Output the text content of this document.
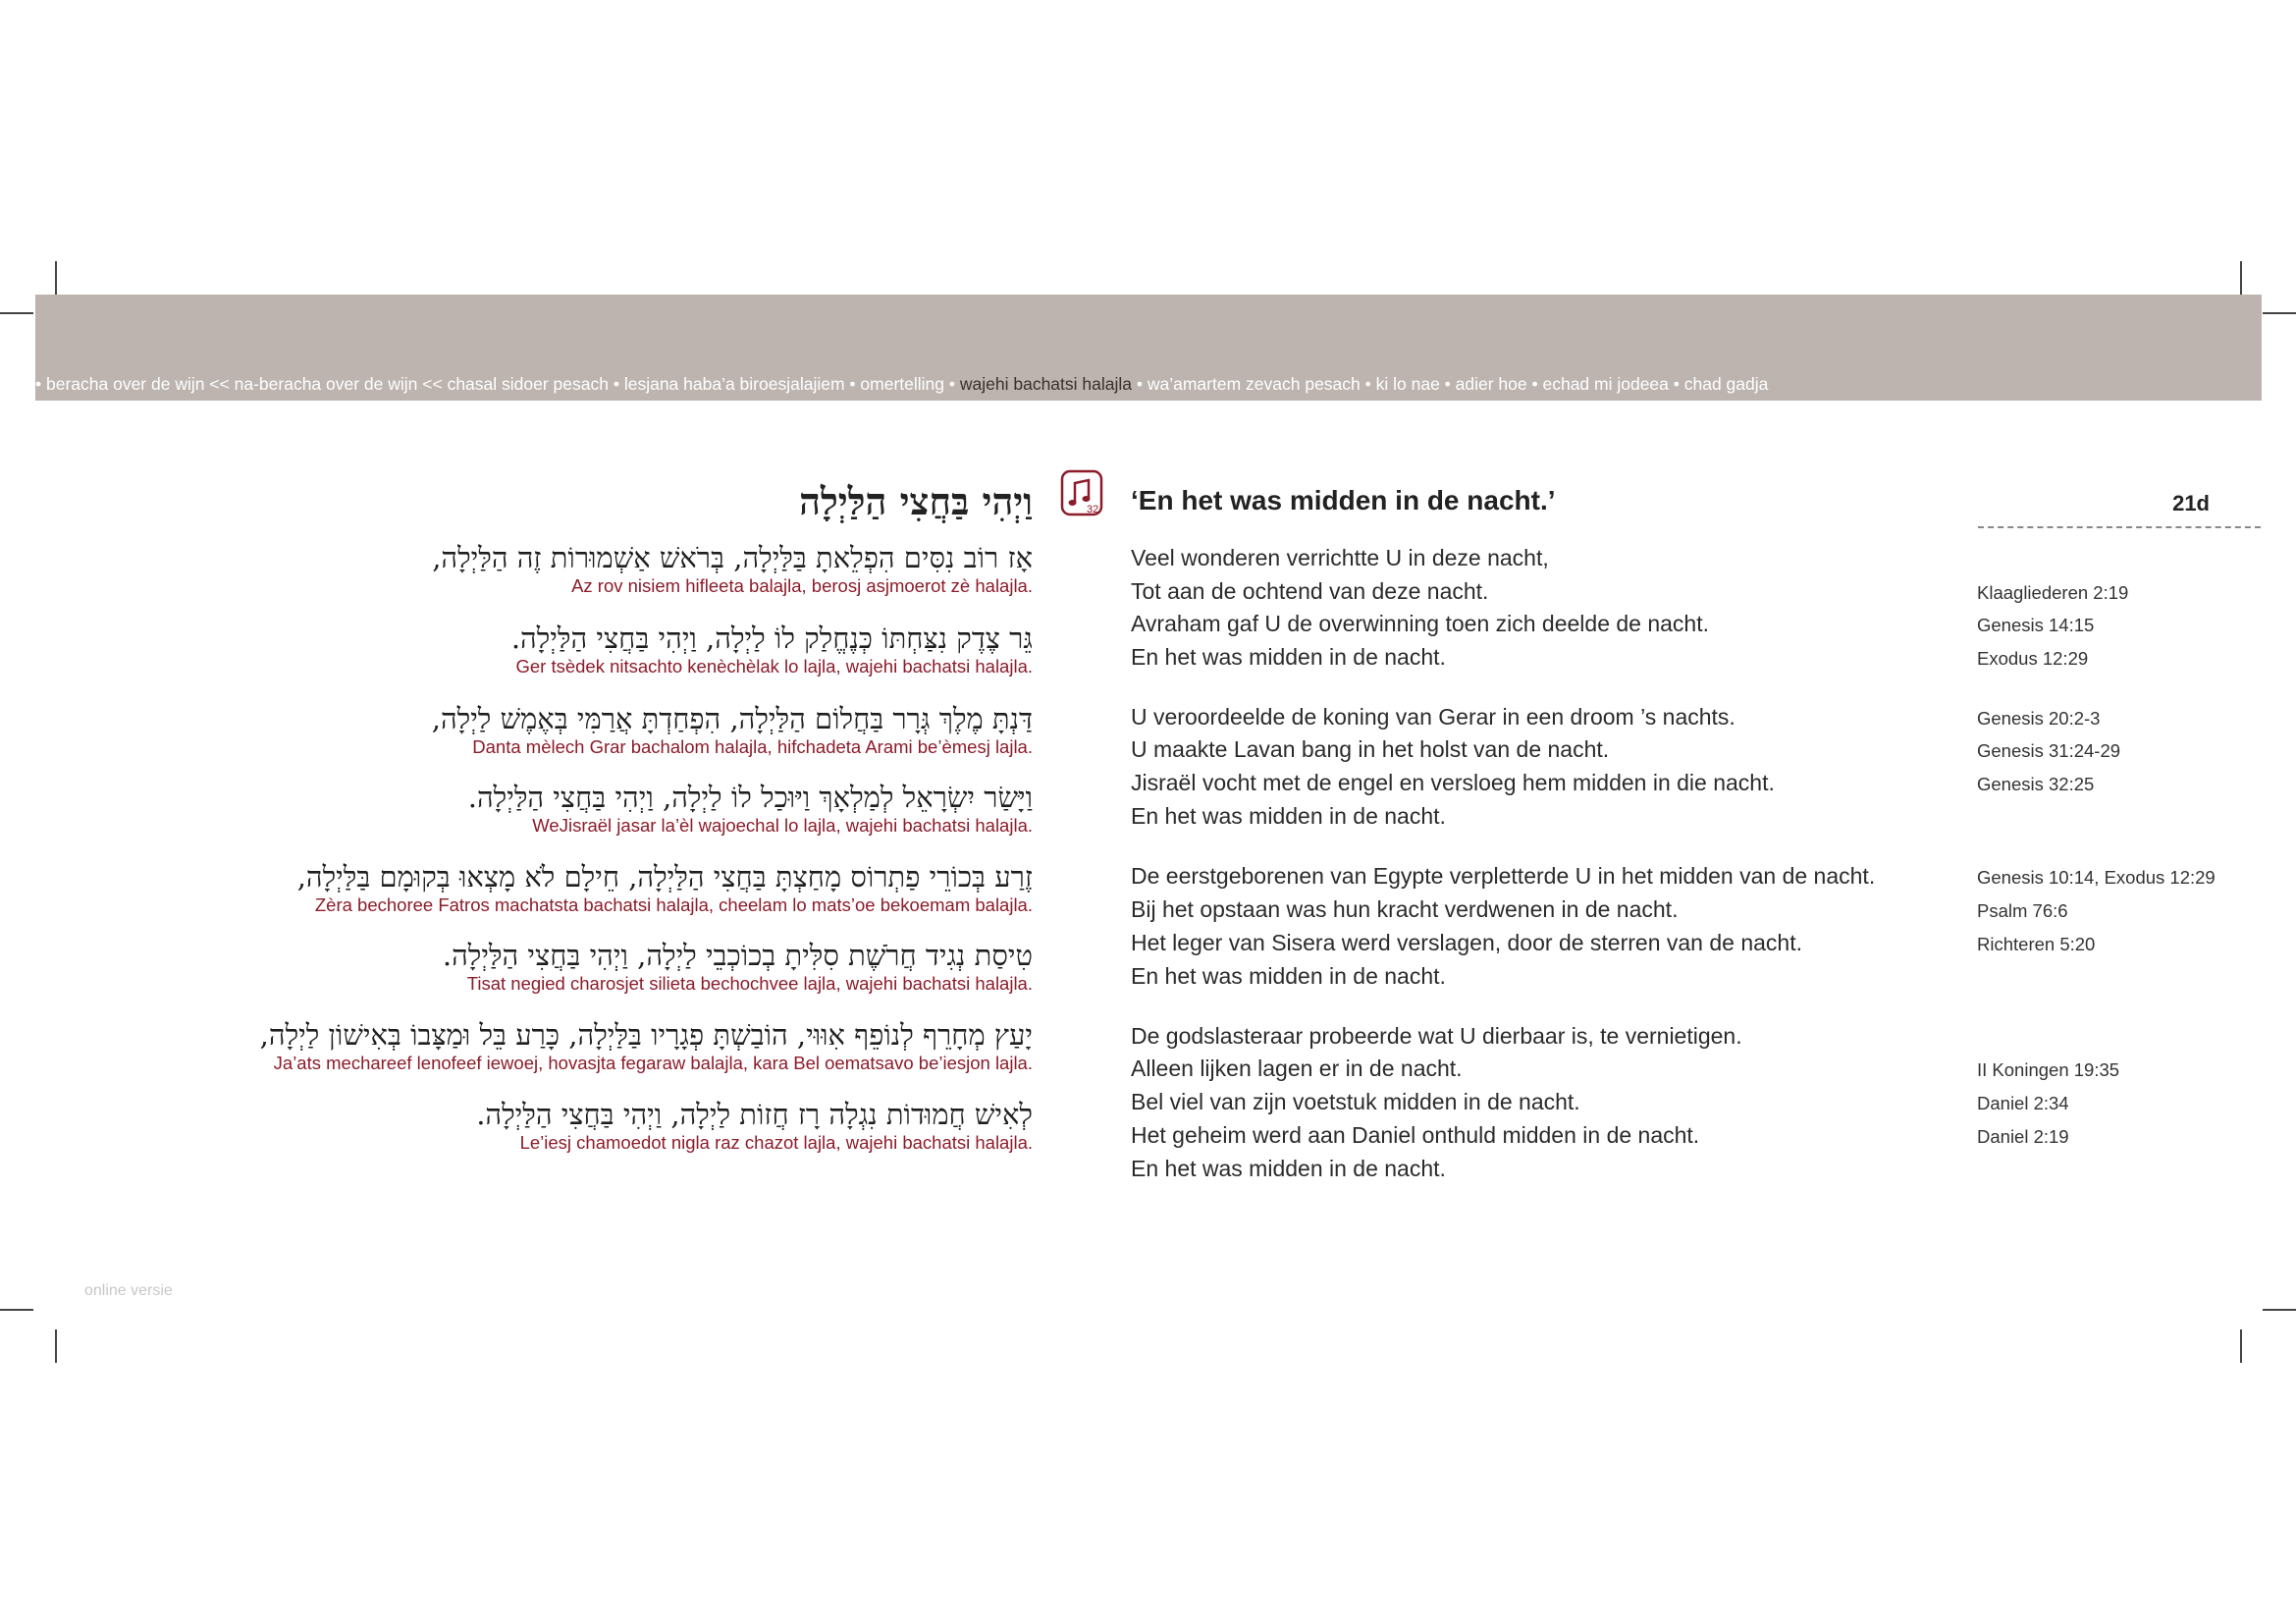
• beracha over de wijn << na-beracha over de wijn << chasal sidoer pesach • lesjana haba’a biroesjalajiem • omertelling • wajehi bachatsi halajla • wa’amartem zevach pesach • ki lo nae • adier hoe • echad mi jodeea • chad gadja
וַיְהִי בַּחֲצִי הַלַּיְלָה
אָז רוֹב נִסִּים הִפְלֵאתָ בַּלַּיְלָה, בְּרֹאשׁ אַשְׁמוּרוֹת זֶה הַלַּיְלָה,
Az rov nisiem hifleeta balajla, berosj asjmoerot zè halajla.
גֵּר צֶדֶק נִצַּחְתּוֹ כְּנֶחֱלַק לוֹ לַיְלָה, וַיְהִי בַּחֲצִי הַלַּיְלָה.
Ger tsèdek nitsachto kenèchèlak lo lajla, wajehi bachatsi halajla.
דַּנְתָּ מֶלֶךְ גְּרָר בַּחֲלוֹם הַלַּיְלָה, הִפְחַדְתָּ אֲרַמִּי בְּאֶמֶשׁ לַיְלָה,
Danta mèlech Grar bachalom halajla, hifchadeta Arami be’èmesj lajla.
וַיָּשַׂר יִשְׂרָאֵל לְמַלְאָךְ וַיּוּכַל לוֹ לַיְלָה, וַיְהִי בַּחֲצִי הַלַּיְלָה.
WeJisraël jasar la’èl wajoechal lo lajla, wajehi bachatsi halajla.
זֶרַע בְּכוֹרֵי פַתְרוֹס מָחַצְתָּ בַּחֲצִי הַלַּיְלָה, חֵילָם לֹא מָצְאוּ בְּקוּמָם בַּלַּיְלָה,
Zèra bechoree Fatros machatsta bachatsi halajla, cheelam lo mats’oe bekoemam balajla.
טִיסַת נְגִיד חֲרֹשֶׁת סִלִּיתָ בְכוֹכְבֵי לַיְלָה, וַיְהִי בַּחֲצִי הַלַּיְלָה.
Tisat negied charosjet silieta bechochvee lajla, wajehi bachatsi halajla.
יָעַץ מְחָרֵף לְנוֹפֵף אִוּוּי, הוֹבַשְׁתָּ פְגָרָיו בַּלַּיְלָה, כָּרַע בֵּל וּמַצָּבוֹ בְּאִישׁוֹן לַיְלָה,
Ja’ats mechareef lenofeef iewoej, hovasjta fegaraw balajla, kara Bel oematsavo be’iesjon lajla.
לְאִישׁ חֲמוּדוֹת נִגְלָה רָז חֲזוֹת לַיְלָה, וַיְהִי בַּחֲצִי הַלַּיְלָה.
Le’iesj chamoedot nigla raz chazot lajla, wajehi bachatsi halajla.
32 ‘En het was midden in de nacht.’	21d
Veel wonderen verrichtte U in deze nacht,
Tot aan de ochtend van deze nacht.
Avraham gaf U de overwinning toen zich deelde de nacht.
En het was midden in de nacht.
U veroordeelde de koning van Gerar in een droom ’s nachts.
U maakte Lavan bang in het holst van de nacht.
Jisraël vocht met de engel en versloeg hem midden in die nacht.
En het was midden in de nacht.
De eerstgeborenen van Egypte verpletterde U in het midden van de nacht.
Bij het opstaan was hun kracht verdwenen in de nacht.
Het leger van Sisera werd verslagen, door de sterren van de nacht.
En het was midden in de nacht.
De godslasteraar probeerde wat U dierbaar is, te vernietigen.
Alleen lijken lagen er in de nacht.
Bel viel van zijn voetstuk midden in de nacht.
Het geheim werd aan Daniel onthuld midden in de nacht.
En het was midden in de nacht.
Klaagliederen 2:19
Genesis 14:15
Exodus 12:29
Genesis 20:2-3
Genesis 31:24-29
Genesis 32:25
Genesis 10:14, Exodus 12:29
Psalm 76:6
Richteren 5:20
II Koningen 19:35
Daniel 2:34
Daniel 2:19
online versie
